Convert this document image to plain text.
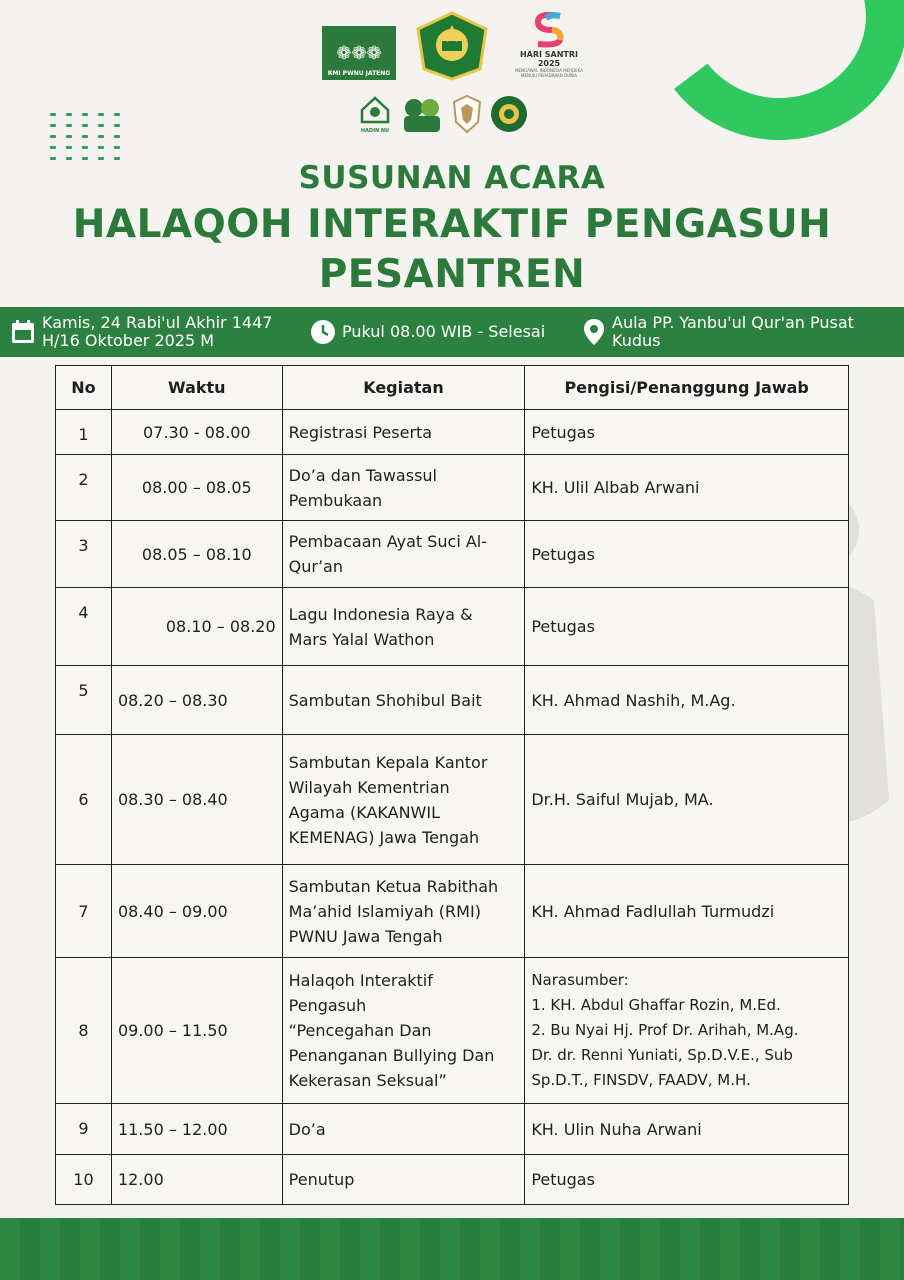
❁❁❁
RMI PWNU JATENG
HARI SANTRI 2025
MENGAWAL INDONESIA MERDEKA MENUJU PERADABAN DUNIA
HADIN NU
SUSUNAN ACARA
HALAQOH INTERAKTIF PENGASUH
PESANTREN
Kamis, 24 Rabi'ul Akhir 1447
H/16 Oktober 2025 M	Pukul 08.00 WIB - Selesai	Aula PP. Yanbu'ul Qur'an Pusat
Kudus
No	Waktu	Kegiatan	Pengisi/Penanggung Jawab
1	07.30 - 08.00	Registrasi Peserta	Petugas
2	08.00 – 08.05	Do’a dan Tawassul
Pembukaan	KH. Ulil Albab Arwani
3	08.05 – 08.10	Pembacaan Ayat Suci Al-
Qur’an	Petugas
4	08.10 – 08.20	Lagu Indonesia Raya &
Mars Yalal Wathon	Petugas
5	08.20 – 08.30	Sambutan Shohibul Bait	KH. Ahmad Nashih, M.Ag.
6	08.30 – 08.40	Sambutan Kepala Kantor
Wilayah Kementrian
Agama (KAKANWIL
KEMENAG) Jawa Tengah	Dr.H. Saiful Mujab, MA.
7	08.40 – 09.00	Sambutan Ketua Rabithah
Ma’ahid Islamiyah (RMI)
PWNU Jawa Tengah	KH. Ahmad Fadlullah Turmudzi
8	09.00 – 11.50	Halaqoh Interaktif
Pengasuh
“Pencegahan Dan
Penanganan Bullying Dan
Kekerasan Seksual”	Narasumber:
1. KH. Abdul Ghaffar Rozin, M.Ed.
2. Bu Nyai Hj. Prof Dr. Arihah, M.Ag.
Dr. dr. Renni Yuniati, Sp.D.V.E., Sub
Sp.D.T., FINSDV, FAADV, M.H.
9	11.50 – 12.00	Do’a	KH. Ulin Nuha Arwani
10	12.00	Penutup	Petugas
